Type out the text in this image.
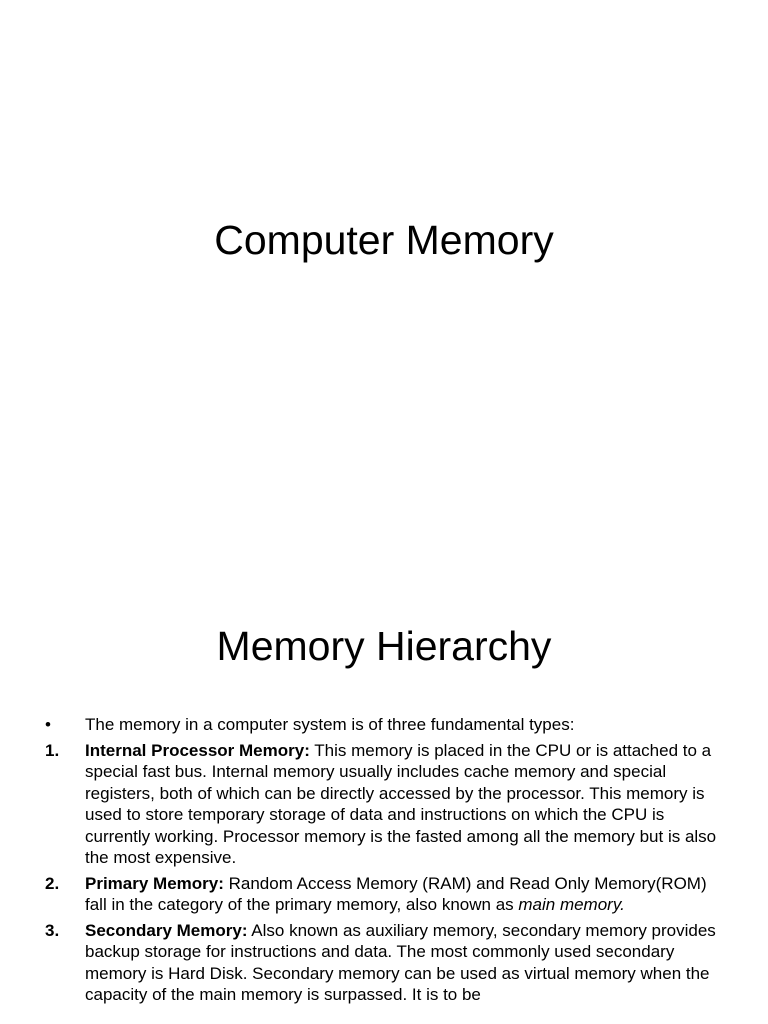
Computer Memory
Memory Hierarchy
•	The memory in a computer system is of three fundamental types:
1.	Internal Processor Memory: This memory is placed in the CPU or is attached to a special fast bus. Internal memory usually includes cache memory and special registers, both of which can be directly accessed by the processor. This memory is used to store temporary storage of data and instructions on which the CPU is currently working. Processor memory is the fasted among all the memory but is also the most expensive.
2.	Primary Memory: Random Access Memory (RAM) and Read Only Memory(ROM) fall in the category of the primary memory, also known as main memory.
3.	Secondary Memory: Also known as auxiliary memory, secondary memory provides backup storage for instructions and data. The most commonly used secondary memory is Hard Disk. Secondary memory can be used as virtual memory when the capacity of the main memory is surpassed. It is to be
